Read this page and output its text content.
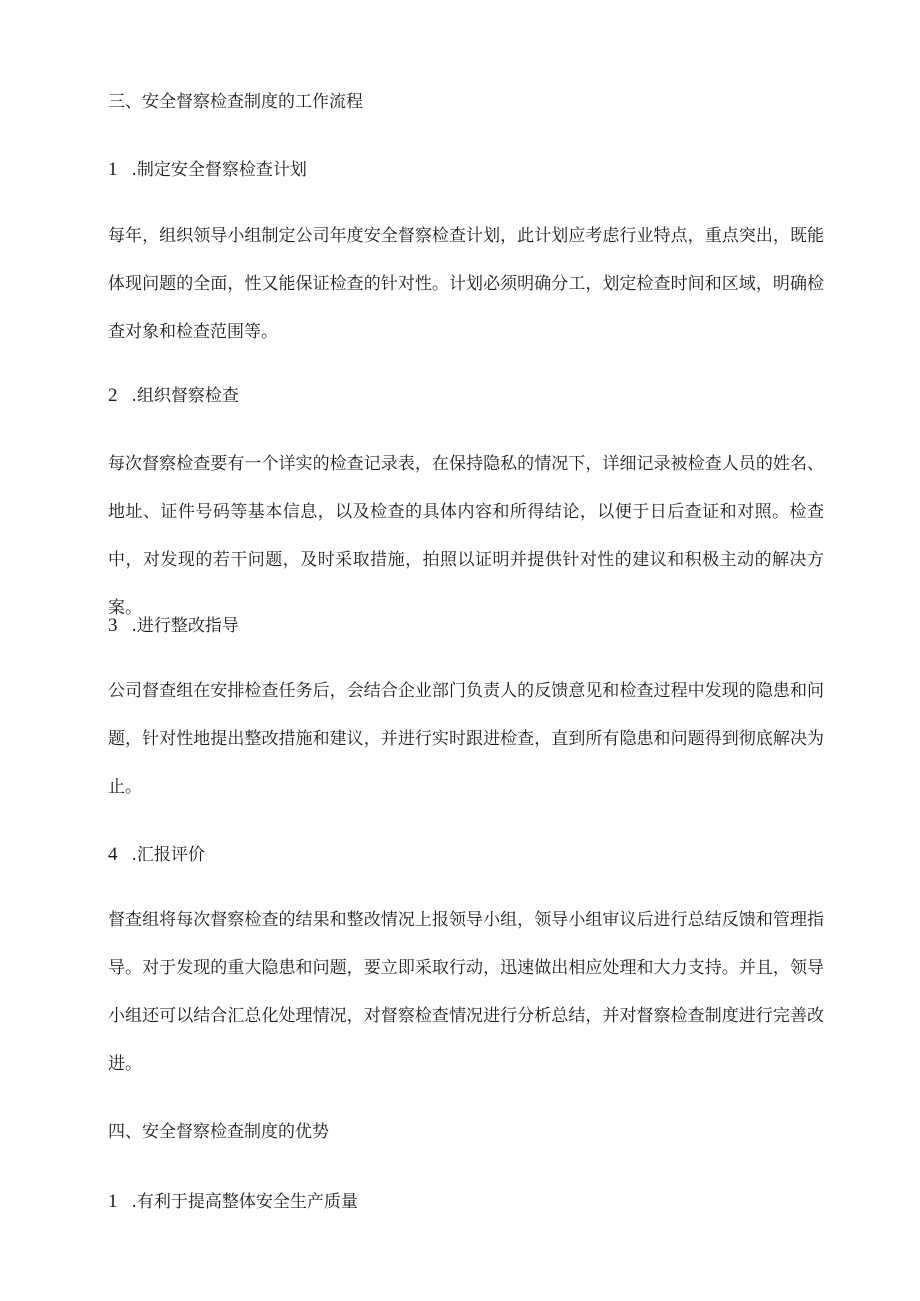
三、安全督察检查制度的工作流程
1 .制定安全督察检查计划

每年，组织领导小组制定公司年度安全督察检查计划，此计划应考虑行业特点，重点突出，既能体现问题的全面，性又能保证检查的针对性。计划必须明确分工，划定检查时间和区域，明确检查对象和检查范围等。

2 .组织督察检查

每次督察检查要有一个详实的检查记录表，在保持隐私的情况下，详细记录被检查人员的姓名、地址、证件号码等基本信息，以及检查的具体内容和所得结论，以便于日后查证和对照。检查中，对发现的若干问题，及时采取措施，拍照以证明并提供针对性的建议和积极主动的解决方案。

3 .进行整改指导

公司督查组在安排检查任务后，会结合企业部门负责人的反馈意见和检查过程中发现的隐患和问题，针对性地提出整改措施和建议，并进行实时跟进检查，直到所有隐患和问题得到彻底解决为止。

4 .汇报评价

督查组将每次督察检查的结果和整改情况上报领导小组，领导小组审议后进行总结反馈和管理指导。对于发现的重大隐患和问题，要立即采取行动，迅速做出相应处理和大力支持。并且，领导小组还可以结合汇总化处理情况，对督察检查情况进行分析总结，并对督察检查制度进行完善改进。

四、安全督察检查制度的优势
1 .有利于提高整体安全生产质量
